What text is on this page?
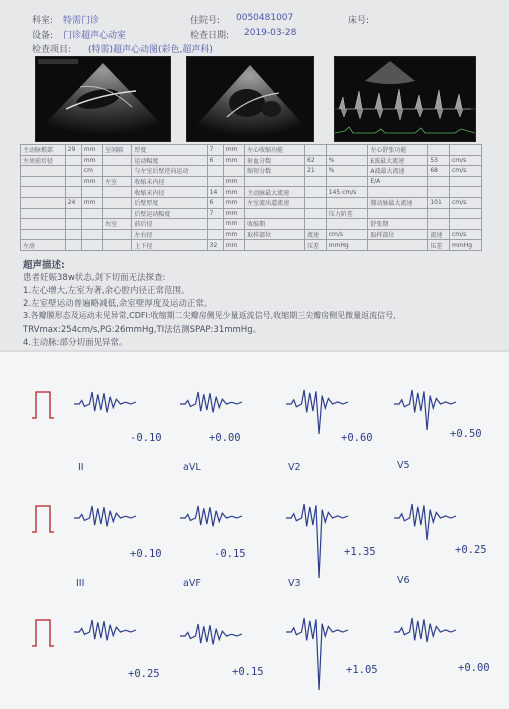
科室: 特需门诊	住院号: 0050481007	床号:
设备: 门诊超声心动室	检查日期: 2019-03-28
检查项目: (特需)超声心动图(彩色,超声科)
主动脉根部	29	mm	室间隔	厚度	7	mm	左心收缩功能			左心舒张功能		
左房前后径		mm		运动幅度	6	mm	射血分数	62	%	E波最大流速	53	cm/s
		cm		与左室后壁逆向运动			缩短分数	21	%	A波最大流速	68	cm/s
		mm	左室	收缩末内径		mm				E/A		
				收缩末内径	14	mm	主动脉最大流速		145 cm/s			
	24	mm		后壁厚度	6	mm	左室流出道流速			肺动脉最大流速	101	cm/s
				后壁运动幅度	7	mm			压力阶差			
			右室	前后径		mm	收缩期			舒张期		
				左右径		mm	取样部位	流速	cm/s	取样部位	流速	cm/s
左房				上下径	32	mm		压差	mmHg		压差	mmHg
超声描述:
患者妊娠38w状态,剑下切面无法探查:
1.左心增大,左室为著,余心腔内径正常范围。
2.左室壁运动普遍略减低,余室壁厚度及运动正常。
3.各瓣膜形态及运动未见异常,CDFI:收缩期二尖瓣房侧见少量返流信号,收缩期三尖瓣房侧见微量返流信号,
TRVmax:254cm/s,PG:26mmHg,TI法估测SPAP:31mmHg。
4.主动脉:部分切面见异常。
-0.10	+0.00	+0.60	+0.50
II	aVL	V2	V5
+0.10	-0.15	+1.35	+0.25
III	aVF	V3	V6
+0.25	+0.15	+1.05	+0.00
